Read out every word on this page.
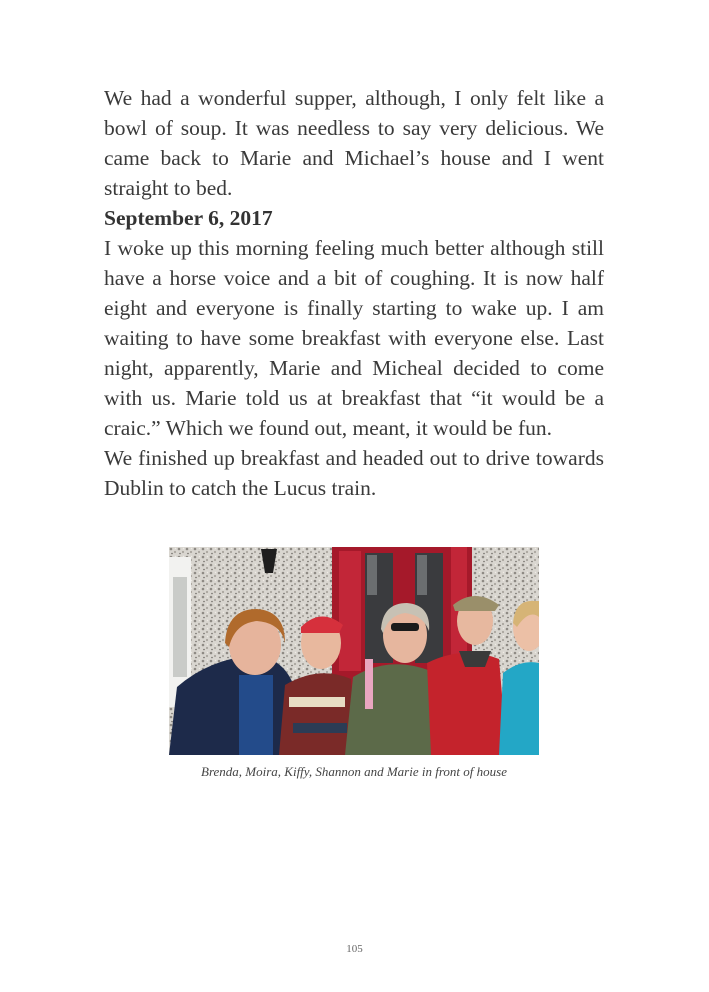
We had a wonderful supper, although, I only felt like a bowl of soup. It was needless to say very delicious. We came back to Marie and Michael’s house and I went straight to bed.

September 6, 2017

I woke up this morning feeling much better although still have a horse voice and a bit of coughing. It is now half eight and everyone is finally starting to wake up. I am waiting to have some breakfast with everyone else. Last night, apparently, Marie and Micheal decided to come with us. Marie told us at breakfast that “it would be a craic.” Which we found out, meant, it would be fun.

We finished up breakfast and headed out to drive towards Dublin to catch the Lucus train.

Brenda, Moira, Kiffy, Shannon and Marie in front of house
105
